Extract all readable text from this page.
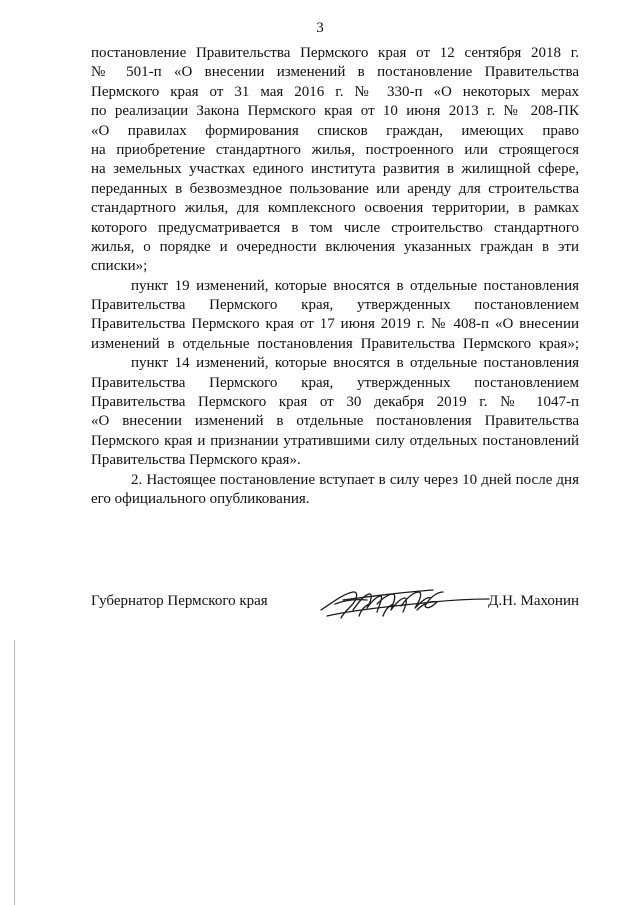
3
постановление Правительства Пермского края от 12 сентября 2018 г.
№ 501-п «О внесении изменений в постановление Правительства
Пермского края от 31 мая 2016 г. № 330-п «О некоторых мерах
по реализации Закона Пермского края от 10 июня 2013 г. № 208-ПК
«О правилах формирования списков граждан, имеющих право
на приобретение стандартного жилья, построенного или строящегося
на земельных участках единого института развития в жилищной сфере,
переданных в безвозмездное пользование или аренду для строительства
стандартного жилья, для комплексного освоения территории, в рамках
которого предусматривается в том числе строительство стандартного
жилья, о порядке и очередности включения указанных граждан в эти
списки»;
пункт 19 изменений, которые вносятся в отдельные постановления
Правительства Пермского края, утвержденных постановлением
Правительства Пермского края от 17 июня 2019 г. № 408-п «О внесении
изменений в отдельные постановления Правительства Пермского края»;
пункт 14 изменений, которые вносятся в отдельные постановления
Правительства Пермского края, утвержденных постановлением
Правительства Пермского края от 30 декабря 2019 г. № 1047-п
«О внесении изменений в отдельные постановления Правительства
Пермского края и признании утратившими силу отдельных постановлений
Правительства Пермского края».
2. Настоящее постановление вступает в силу через 10 дней после дня
его официального опубликования.
Губернатор Пермского края	Д.Н. Махонин
